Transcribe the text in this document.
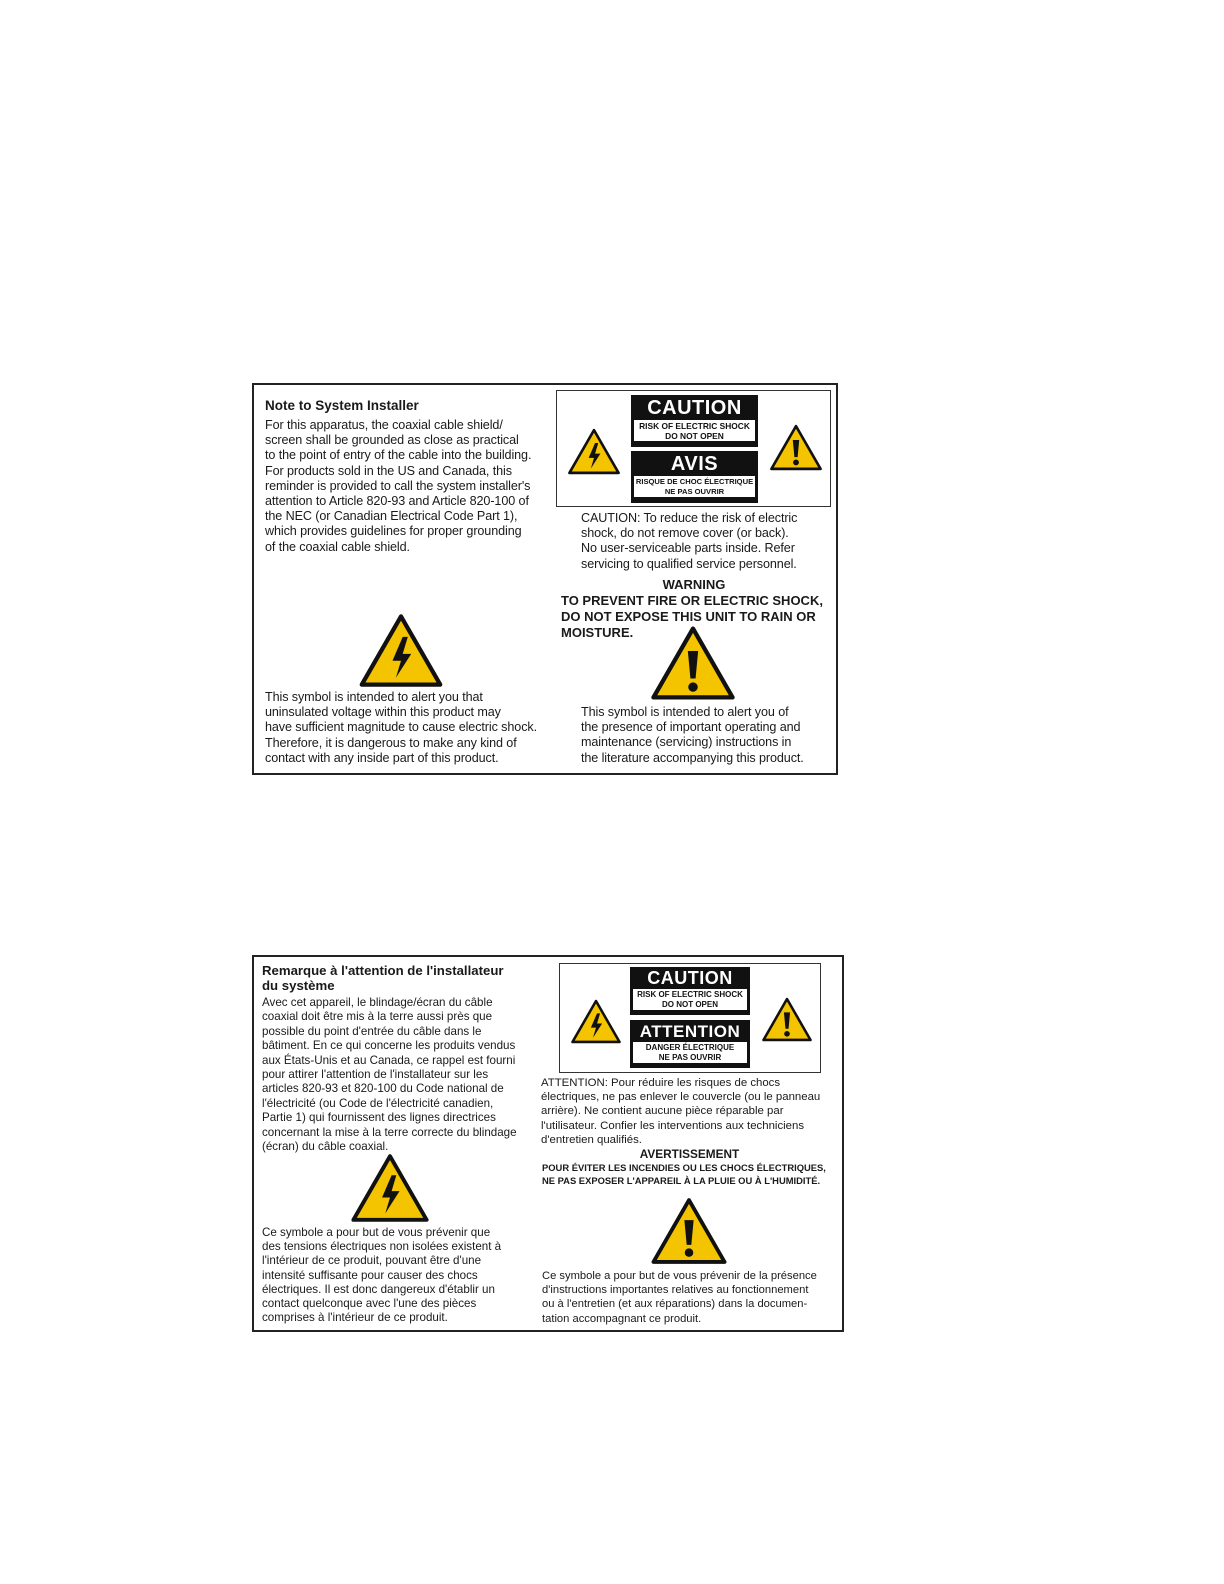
Note to System Installer
For this apparatus, the coaxial cable shield/
screen shall be grounded as close as practical
to the point of entry of the cable into the building.
For products sold in the US and Canada, this
reminder is provided to call the system installer's
attention to Article 820-93 and Article 820-100 of
the NEC (or Canadian Electrical Code Part 1),
which provides guidelines for proper grounding
of the coaxial cable shield.
CAUTION
RISK OF ELECTRIC SHOCK
DO NOT OPEN
AVIS
RISQUE DE CHOC ÉLECTRIQUE
NE PAS OUVRIR
CAUTION: To reduce the risk of electric
shock, do not remove cover (or back).
No user-serviceable parts inside. Refer
servicing to qualified service personnel.
WARNING
TO PREVENT FIRE OR ELECTRIC SHOCK,
DO NOT EXPOSE THIS UNIT TO RAIN OR
MOISTURE.
This symbol is intended to alert you that
uninsulated voltage within this product may
have sufficient magnitude to cause electric shock.
Therefore, it is dangerous to make any kind of
contact with any inside part of this product.
This symbol is intended to alert you of
the presence of important operating and
maintenance (servicing) instructions in
the literature accompanying this product.
Remarque à l'attention de l'installateur
du système
Avec cet appareil, le blindage/écran du câble
coaxial doit être mis à la terre aussi près que
possible du point d'entrée du câble dans le
bâtiment. En ce qui concerne les produits vendus
aux États-Unis et au Canada, ce rappel est fourni
pour attirer l'attention de l'installateur sur les
articles 820-93 et 820-100 du Code national de
l'électricité (ou Code de l'électricité canadien,
Partie 1) qui fournissent des lignes directrices
concernant la mise à la terre correcte du blindage
(écran) du câble coaxial.
CAUTION
RISK OF ELECTRIC SHOCK
DO NOT OPEN
ATTENTION
DANGER ÉLECTRIQUE
NE PAS OUVRIR
ATTENTION: Pour réduire les risques de chocs
électriques, ne pas enlever le couvercle (ou le panneau
arrière). Ne contient aucune pièce réparable par
l'utilisateur. Confier les interventions aux techniciens
d'entretien qualifiés.
AVERTISSEMENT
POUR ÉVITER LES INCENDIES OU LES CHOCS ÉLECTRIQUES,
NE PAS EXPOSER L'APPAREIL À LA PLUIE OU À L'HUMIDITÉ.
Ce symbole a pour but de vous prévenir que
des tensions électriques non isolées existent à
l'intérieur de ce produit, pouvant être d'une
intensité suffisante pour causer des chocs
électriques. Il est donc dangereux d'établir un
contact quelconque avec l'une des pièces
comprises à l'intérieur de ce produit.
Ce symbole a pour but de vous prévenir de la présence
d'instructions importantes relatives au fonctionnement
ou à l'entretien (et aux réparations) dans la documen-
tation accompagnant ce produit.
